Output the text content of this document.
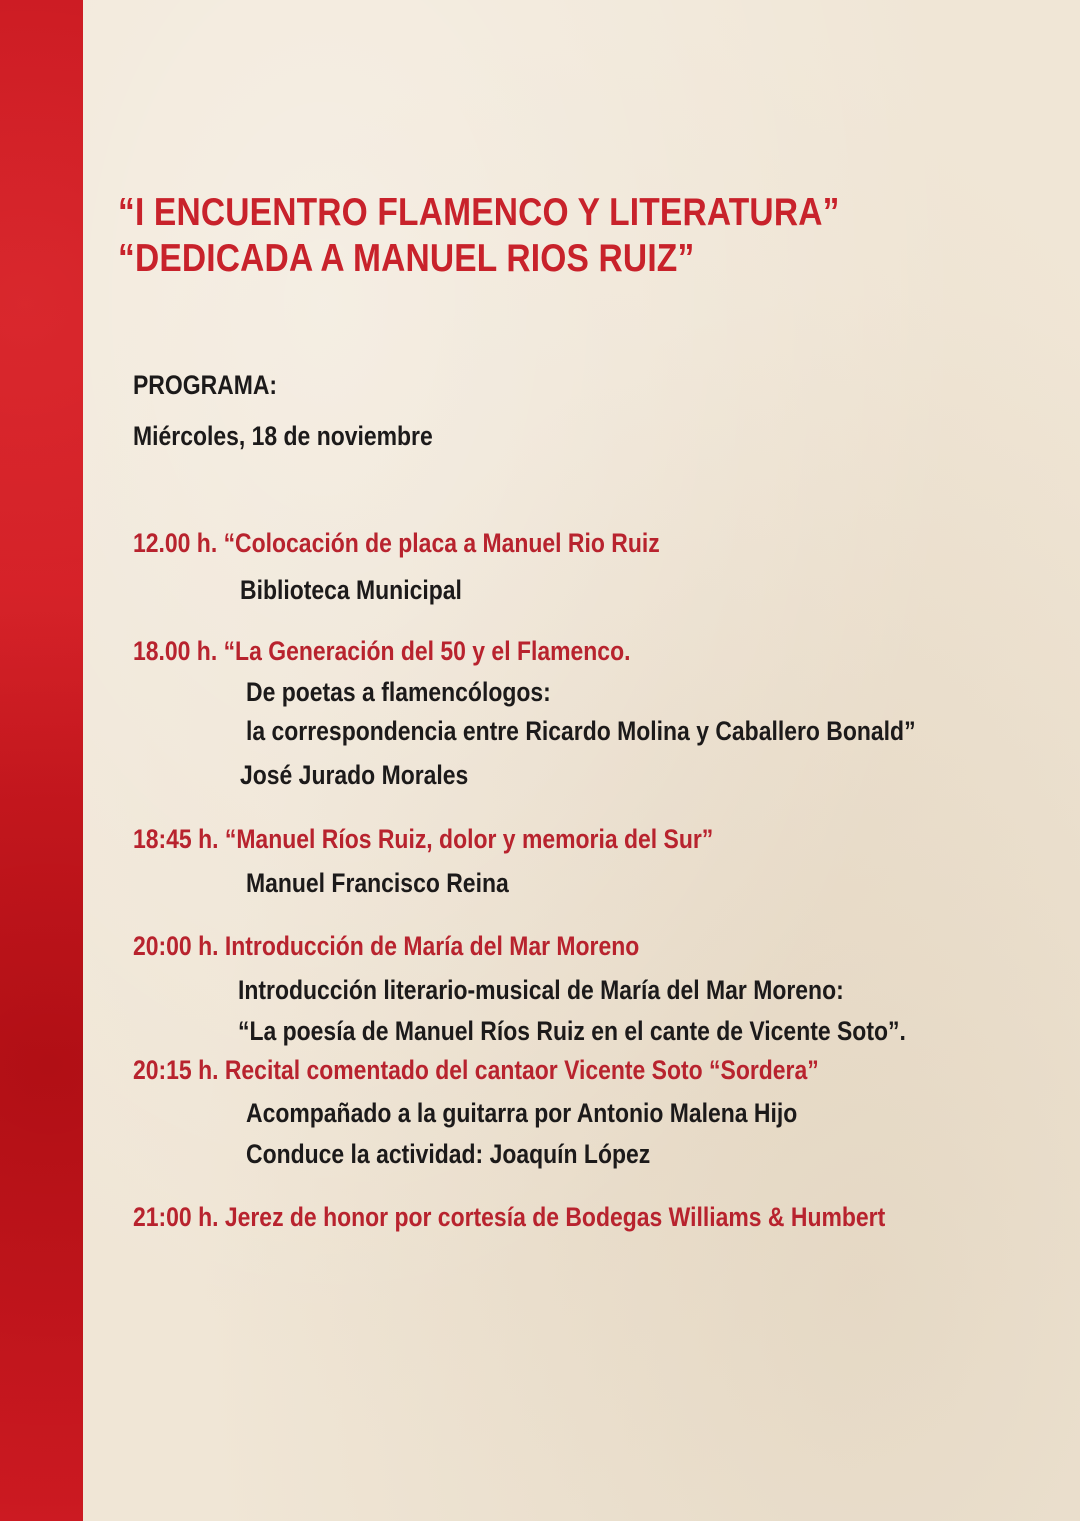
“I ENCUENTRO FLAMENCO Y LITERATURA”
“DEDICADA A MANUEL RIOS RUIZ”

PROGRAMA:

Miércoles, 18 de noviembre

12.00 h. “Colocación de placa a Manuel Rio Ruiz

Biblioteca Municipal

18.00 h. “La Generación del 50 y el Flamenco.

De poetas a flamencólogos:

la correspondencia entre Ricardo Molina y Caballero Bonald”

José Jurado Morales

18:45 h. “Manuel Ríos Ruiz, dolor y memoria del Sur”

Manuel Francisco Reina

20:00 h. Introducción de María del Mar Moreno

Introducción literario-musical de María del Mar Moreno:

“La poesía de Manuel Ríos Ruiz en el cante de Vicente Soto”.

20:15 h. Recital comentado del cantaor Vicente Soto “Sordera”

Acompañado a la guitarra por Antonio Malena Hijo

Conduce la actividad: Joaquín López

21:00 h. Jerez de honor por cortesía de Bodegas Williams & Humbert
